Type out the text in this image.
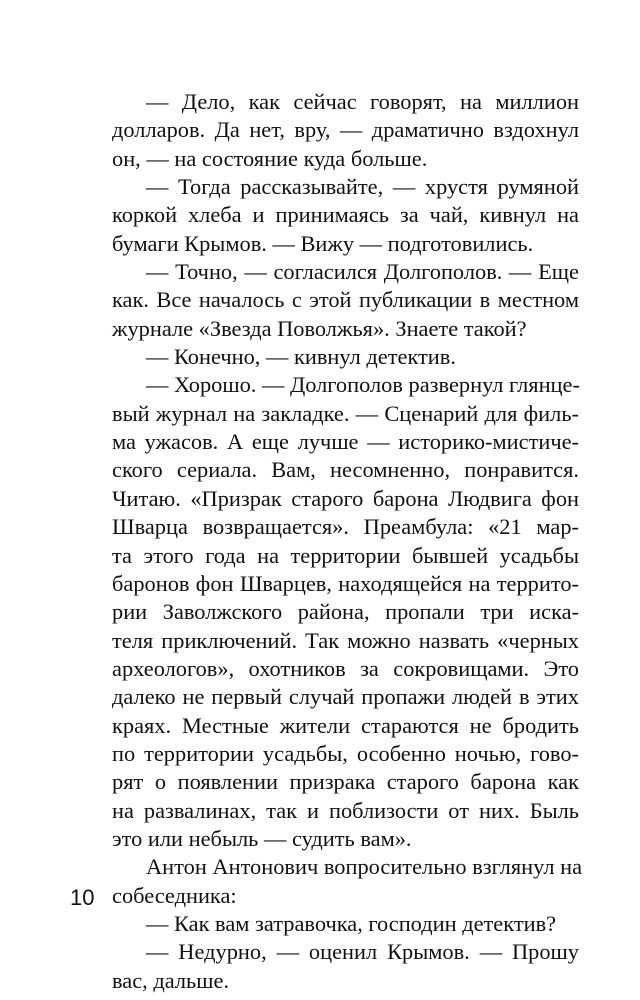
— Дело, как сейчас говорят, на миллион
долларов. Да нет, вру, — драматично вздохнул
он, — на состояние куда больше.
— Тогда рассказывайте, — хрустя румяной
коркой хлеба и принимаясь за чай, кивнул на
бумаги Крымов. — Вижу — подготовились.
— Точно, — согласился Долгополов. — Еще
как. Все началось с этой публикации в местном
журнале «Звезда Поволжья». Знаете такой?
— Конечно, — кивнул детектив.
— Хорошо. — Долгополов развернул глянце-
вый журнал на закладке. — Сценарий для филь-
ма ужасов. А еще лучше — историко-мистиче-
ского сериала. Вам, несомненно, понравится.
Читаю. «Призрак старого барона Людвига фон
Шварца возвращается». Преамбула: «21 мар-
та этого года на территории бывшей усадьбы
баронов фон Шварцев, находящейся на террито-
рии Заволжского района, пропали три иска-
теля приключений. Так можно назвать «черных
археологов», охотников за сокровищами. Это
далеко не первый случай пропажи людей в этих
краях. Местные жители стараются не бродить
по территории усадьбы, особенно ночью, гово-
рят о появлении призрака старого барона как
на развалинах, так и поблизости от них. Быль
это или небыль — судить вам».
Антон Антонович вопросительно взглянул на
собеседника:
— Как вам затравочка, господин детектив?
— Недурно, — оценил Крымов. — Прошу
вас, дальше.
10
